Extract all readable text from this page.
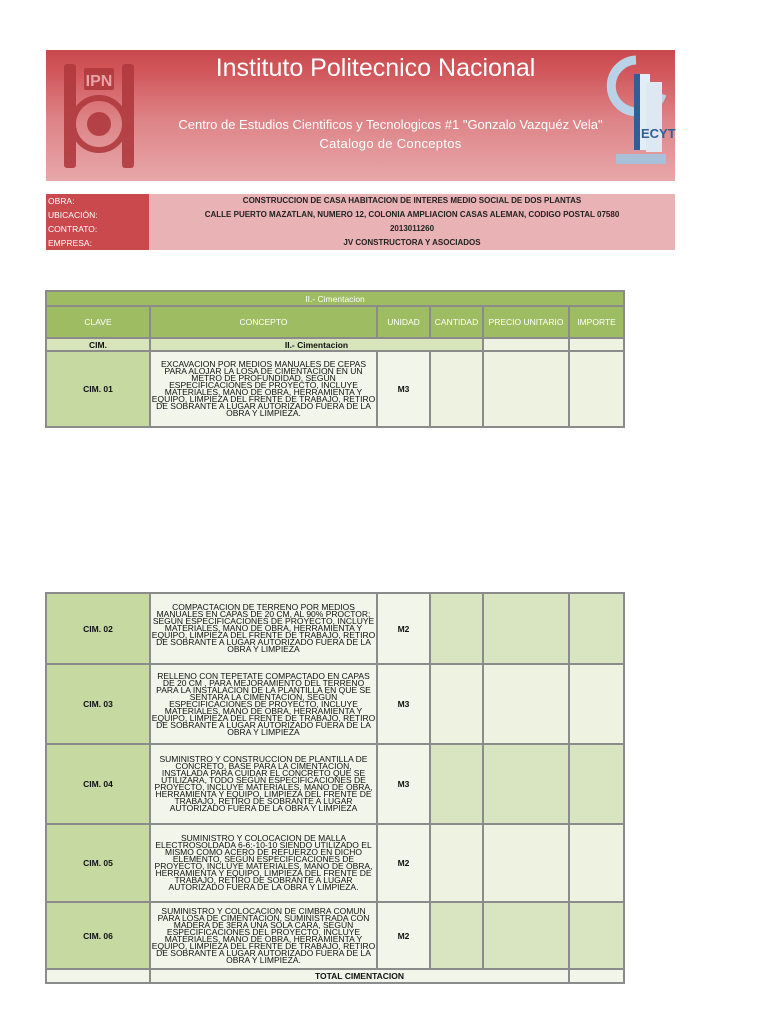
Instituto Politecnico Nacional
Centro de Estudios Cientificos y Tecnologicos #1 "Gonzalo Vazquéz Vela"
Catalogo de Conceptos
IPN
ECYT
OBRA:	CONSTRUCCION DE CASA HABITACION DE INTERES MEDIO SOCIAL DE DOS PLANTAS
UBICACIÓN:	CALLE PUERTO MAZATLAN, NUMERO 12, COLONIA AMPLIACION CASAS ALEMAN, CODIGO POSTAL 07580
CONTRATO:	2013011260
EMPRESA:	JV CONSTRUCTORA Y ASOCIADOS
II.- Cimentacion					
CLAVE	CONCEPTO	UNIDAD	CANTIDAD	PRECIO UNITARIO	IMPORTE
CIM.	II.- Cimentacion				
CIM. 01	EXCAVACION POR MEDIOS MANUALES DE CEPAS PARA ALOJAR LA LOSA DE CIMENTACION EN UN METRO DE PROFUNDIDAD, SEGÚN ESPECIFICACIONES DE PROYECTO, INCLUYE MATERIALES, MANO DE OBRA, HERRAMIENTA Y EQUIPO, LIMPIEZA DEL FRENTE DE TRABAJO, RETIRO DE SOBRANTE A LUGAR AUTORIZADO FUERA DE LA OBRA Y LIMPIEZA.	M3			
CIM. 02	COMPACTACION DE TERRENO POR MEDIOS MANUALES EN CAPAS DE 20 CM, AL 90% PROCTOR; SEGÚN ESPECIFICACIONES DE PROYECTO, INCLUYE MATERIALES, MANO DE OBRA, HERRAMIENTA Y EQUIPO, LIMPIEZA DEL FRENTE DE TRABAJO, RETIRO DE SOBRANTE A LUGAR AUTORIZADO FUERA DE LA OBRA Y LIMPIEZA	M2			
CIM. 03	RELLENO CON TEPETATE COMPACTADO EN CAPAS DE 20 CM , PARA MEJORAMIENTO DEL TERRENO PARA LA INSTALACION DE LA PLANTILLA EN QUE SE SENTARA LA CIMENTACION, SEGÚN ESPECIFICACIONES DE PROYECTO, INCLUYE MATERIALES, MANO DE OBRA, HERRAMIENTA Y EQUIPO, LIMPIEZA DEL FRENTE DE TRABAJO, RETIRO DE SOBRANTE A LUGAR AUTORIZADO FUERA DE LA OBRA Y LIMPIEZA	M3			
CIM. 04	SUMINISTRO Y CONSTRUCCION DE PLANTILLA DE CONCRETO, BASE PARA LA CIMENTACION, INSTALADA PARA CUIDAR EL CONCRETO QUE SE UTILIZARA, TODO SEGÚN ESPECIFICACIONES DE PROYECTO, INCLUYE MATERIALES, MANO DE OBRA, HERRAMIENTA Y EQUIPO, LIMPIEZA DEL FRENTE DE TRABAJO, RETIRO DE SOBRANTE A LUGAR AUTORIZADO FUERA DE LA OBRA Y LIMPIEZA	M3			
CIM. 05	SUMINISTRO Y COLOCACION DE MALLA ELECTROSOLDADA 6-6:-10-10 SIENDO UTILIZADO EL MISMO COMO ACERO DE REFUERZO EN DICHO ELEMENTO, SEGÚN ESPECIFICACIONES DE PROYECTO, INCLUYE MATERIALES, MANO DE OBRA, HERRAMIENTA Y EQUIPO, LIMPIEZA DEL FRENTE DE TRABAJO, RETIRO DE SOBRANTE A LUGAR AUTORIZADO FUERA DE LA OBRA Y LIMPIEZA.	M2			
CIM. 06	SUMINISTRO Y COLOCACION DE CIMBRA COMUN PARA LOSA DE CIMENTACION, SUMINISTRADA CON MADERA DE 3ERA UNA SOLA CARA, SEGÚN ESPECIFICACIONES DEL PROYECTO, INCLUYE MATERIALES, MANO DE OBRA, HERRAMIENTA Y EQUIPO, LIMPIEZA DEL FRENTE DE TRABAJO, RETIRO DE SOBRANTE A LUGAR AUTORIZADO FUERA DE LA OBRA Y LIMPIEZA.	M2			
	TOTAL CIMENTACION				
